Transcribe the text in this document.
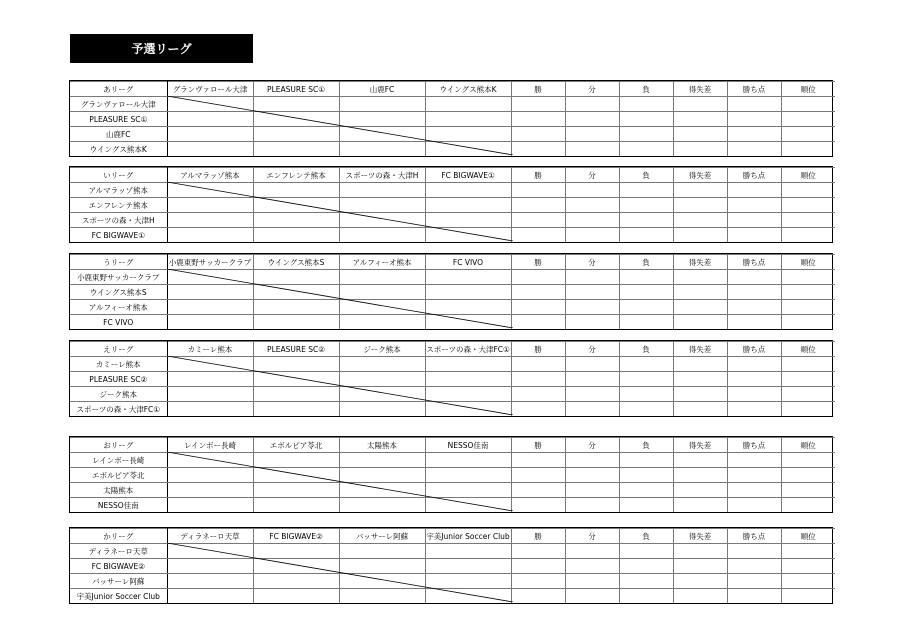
予選リーグ
あリーグ	グランヴァロール大津	PLEASURE SC①	山鹿FC	ウイングス熊本K	勝	分	負	得失差	勝ち点	順位
グランヴァロール大津										
PLEASURE SC①										
山鹿FC										
ウイングス熊本K										
いリーグ	アルマラッゾ熊本	エンフレンテ熊本	スポーツの森・大津H	FC BIGWAVE①	勝	分	負	得失差	勝ち点	順位
アルマラッゾ熊本										
エンフレンテ熊本										
スポーツの森・大津H										
FC BIGWAVE①										
うリーグ	小鹿東野サッカークラブ	ウイングス熊本S	アルフィーオ熊本	FC VIVO	勝	分	負	得失差	勝ち点	順位
小鹿東野サッカークラブ										
ウイングス熊本S										
アルフィーオ熊本										
FC VIVO										
えリーグ	カミーレ熊本	PLEASURE SC②	ジーク熊本	スポーツの森・大津FC①	勝	分	負	得失差	勝ち点	順位
カミーレ熊本										
PLEASURE SC②										
ジーク熊本										
スポーツの森・大津FC①										
おリーグ	レインボー長崎	エボルピア苓北	太陽熊本	NESSO佳南	勝	分	負	得失差	勝ち点	順位
レインボー長崎										
エボルピア苓北										
太陽熊本										
NESSO佳南										
かリーグ	ディラネーロ天草	FC BIGWAVE②	バッサーレ阿蘇	宇美Junior Soccer Club	勝	分	負	得失差	勝ち点	順位
ディラネーロ天草										
FC BIGWAVE②										
バッサーレ阿蘇										
宇美Junior Soccer Club										
